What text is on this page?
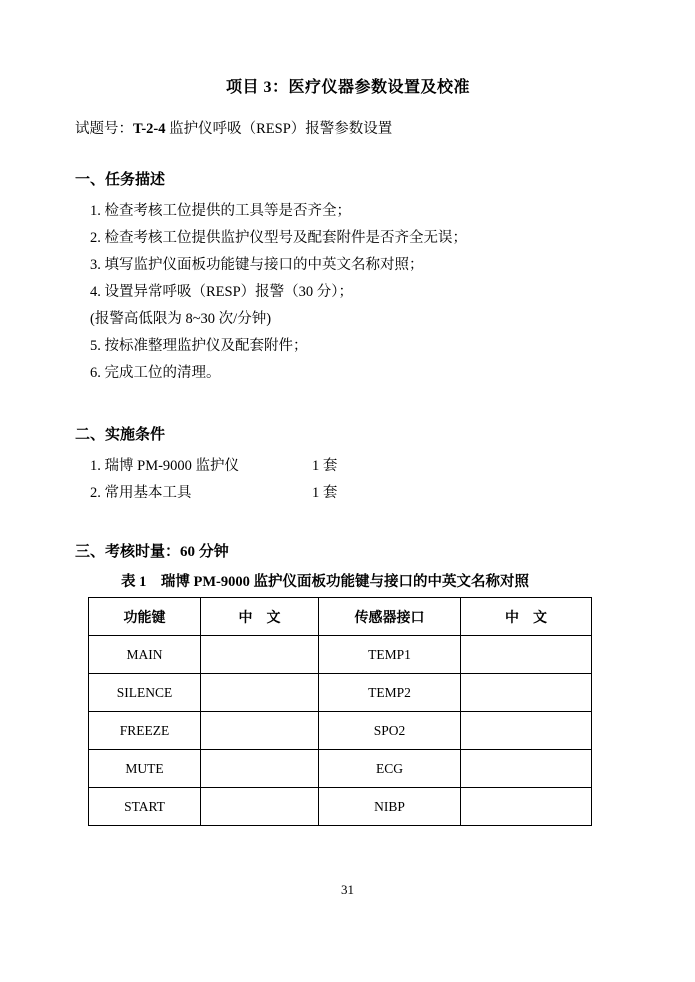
项目 3：医疗仪器参数设置及校准

试题号：T-2-4 监护仪呼吸（RESP）报警参数设置

一、任务描述
1. 检查考核工位提供的工具等是否齐全；
2. 检查考核工位提供监护仪型号及配套附件是否齐全无误；
3. 填写监护仪面板功能键与接口的中英文名称对照；
4. 设置异常呼吸（RESP）报警（30 分）；
(报警高低限为 8~30 次/分钟)
5. 按标准整理监护仪及配套附件；
6. 完成工位的清理。
二、实施条件
1. 瑞博 PM-9000 监护仪	1 套
2. 常用基本工具	1 套
三、考核时量：60 分钟
表 1　瑞博 PM-9000 监护仪面板功能键与接口的中英文名称对照
功能键	中　文	传感器接口	中　文
MAIN		TEMP1	
SILENCE		TEMP2	
FREEZE		SPO2	
MUTE		ECG	
START		NIBP	
31
